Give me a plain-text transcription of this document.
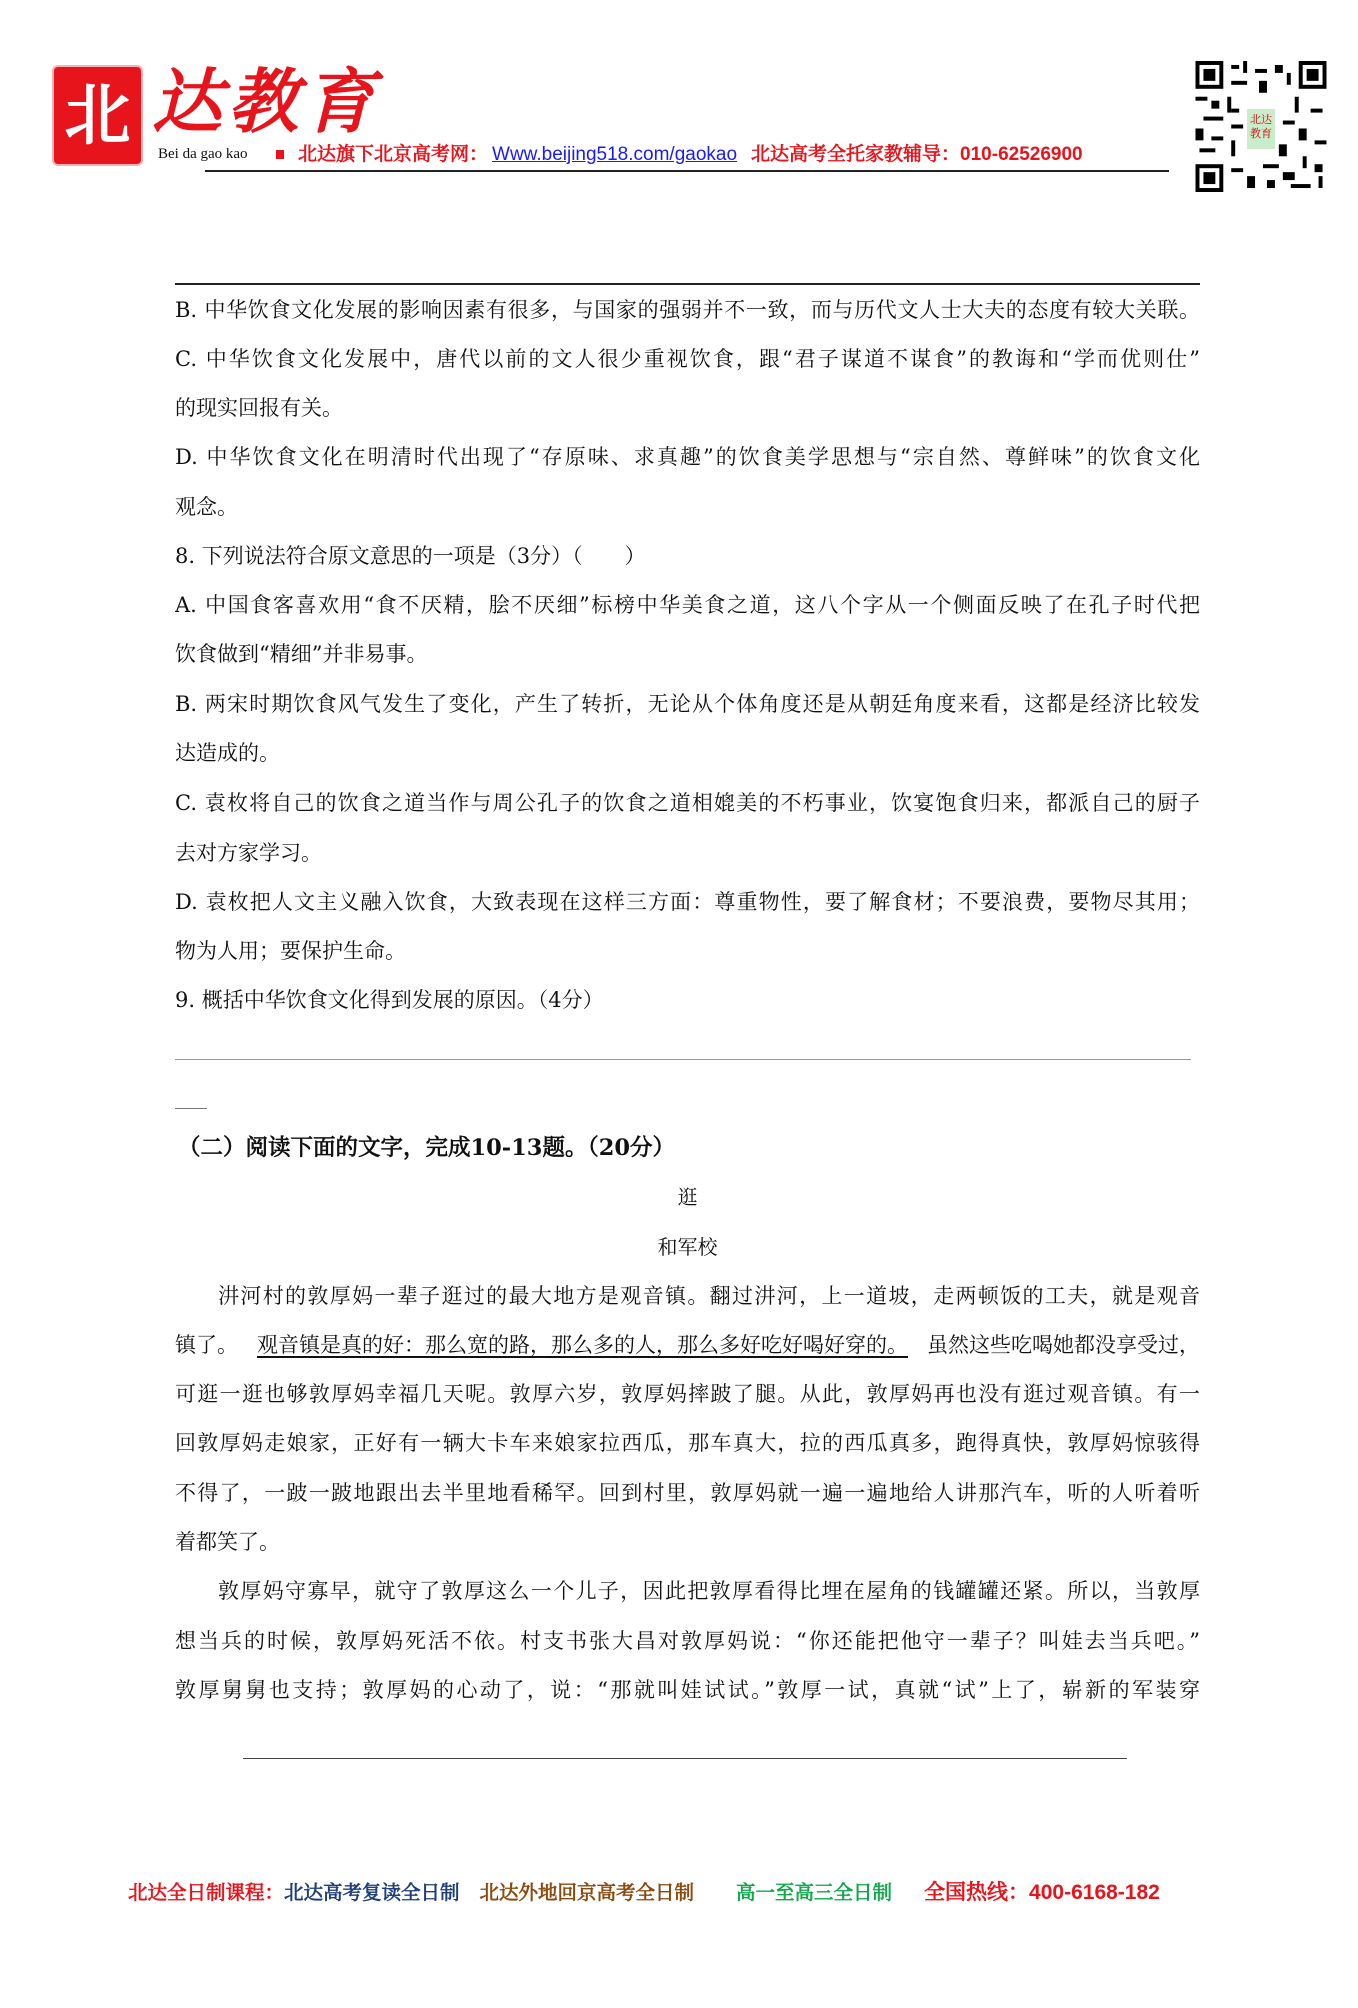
北 达教育
Bei da gao kao	北达旗下北京高考网： Www.beijing518.com/gaokao 北达高考全托家教辅导：010-62526900
北达教育
B. 中华饮食文化发展的影响因素有很多，与国家的强弱并不一致，而与历代文人士大夫的态度有较大关联。
C. 中华饮食文化发展中，唐代以前的文人很少重视饮食，跟“君子谋道不谋食”的教诲和“学而优则仕”
的现实回报有关。
D. 中华饮食文化在明清时代出现了“存原味、求真趣”的饮食美学思想与“宗自然、尊鲜味”的饮食文化
观念。
8. 下列说法符合原文意思的一项是（3分）（　　）
A. 中国食客喜欢用“食不厌精，脍不厌细”标榜中华美食之道，这八个字从一个侧面反映了在孔子时代把
饮食做到“精细”并非易事。
B. 两宋时期饮食风气发生了变化，产生了转折，无论从个体角度还是从朝廷角度来看，这都是经济比较发
达造成的。
C. 袁枚将自己的饮食之道当作与周公孔子的饮食之道相媲美的不朽事业，饮宴饱食归来，都派自己的厨子
去对方家学习。
D. 袁枚把人文主义融入饮食，大致表现在这样三方面：尊重物性，要了解食材；不要浪费，要物尽其用；
物为人用；要保护生命。
9. 概括中华饮食文化得到发展的原因。（4分）
（二）阅读下面的文字，完成10-13题。（20分）
逛
和军校
汫河村的敦厚妈一辈子逛过的最大地方是观音镇。翻过汫河，上一道坡，走两顿饭的工夫，就是观音
镇了。 观音镇是真的好：那么宽的路，那么多的人，那么多好吃好喝好穿的。 虽然这些吃喝她都没享受过，
可逛一逛也够敦厚妈幸福几天呢。敦厚六岁，敦厚妈摔跛了腿。从此，敦厚妈再也没有逛过观音镇。有一
回敦厚妈走娘家，正好有一辆大卡车来娘家拉西瓜，那车真大，拉的西瓜真多，跑得真快，敦厚妈惊骇得
不得了，一跛一跛地跟出去半里地看稀罕。回到村里，敦厚妈就一遍一遍地给人讲那汽车，听的人听着听
着都笑了。
敦厚妈守寡早，就守了敦厚这么一个儿子，因此把敦厚看得比埋在屋角的钱罐罐还紧。所以，当敦厚
想当兵的时候，敦厚妈死活不依。村支书张大昌对敦厚妈说：“你还能把他守一辈子？叫娃去当兵吧。”
敦厚舅舅也支持；敦厚妈的心动了，说：“那就叫娃试试。”敦厚一试，真就“试”上了，崭新的军装穿
北达全日制课程：北达高考复读全日制 北达外地回京高考全日制 高一至高三全日制 全国热线：400-6168-182
